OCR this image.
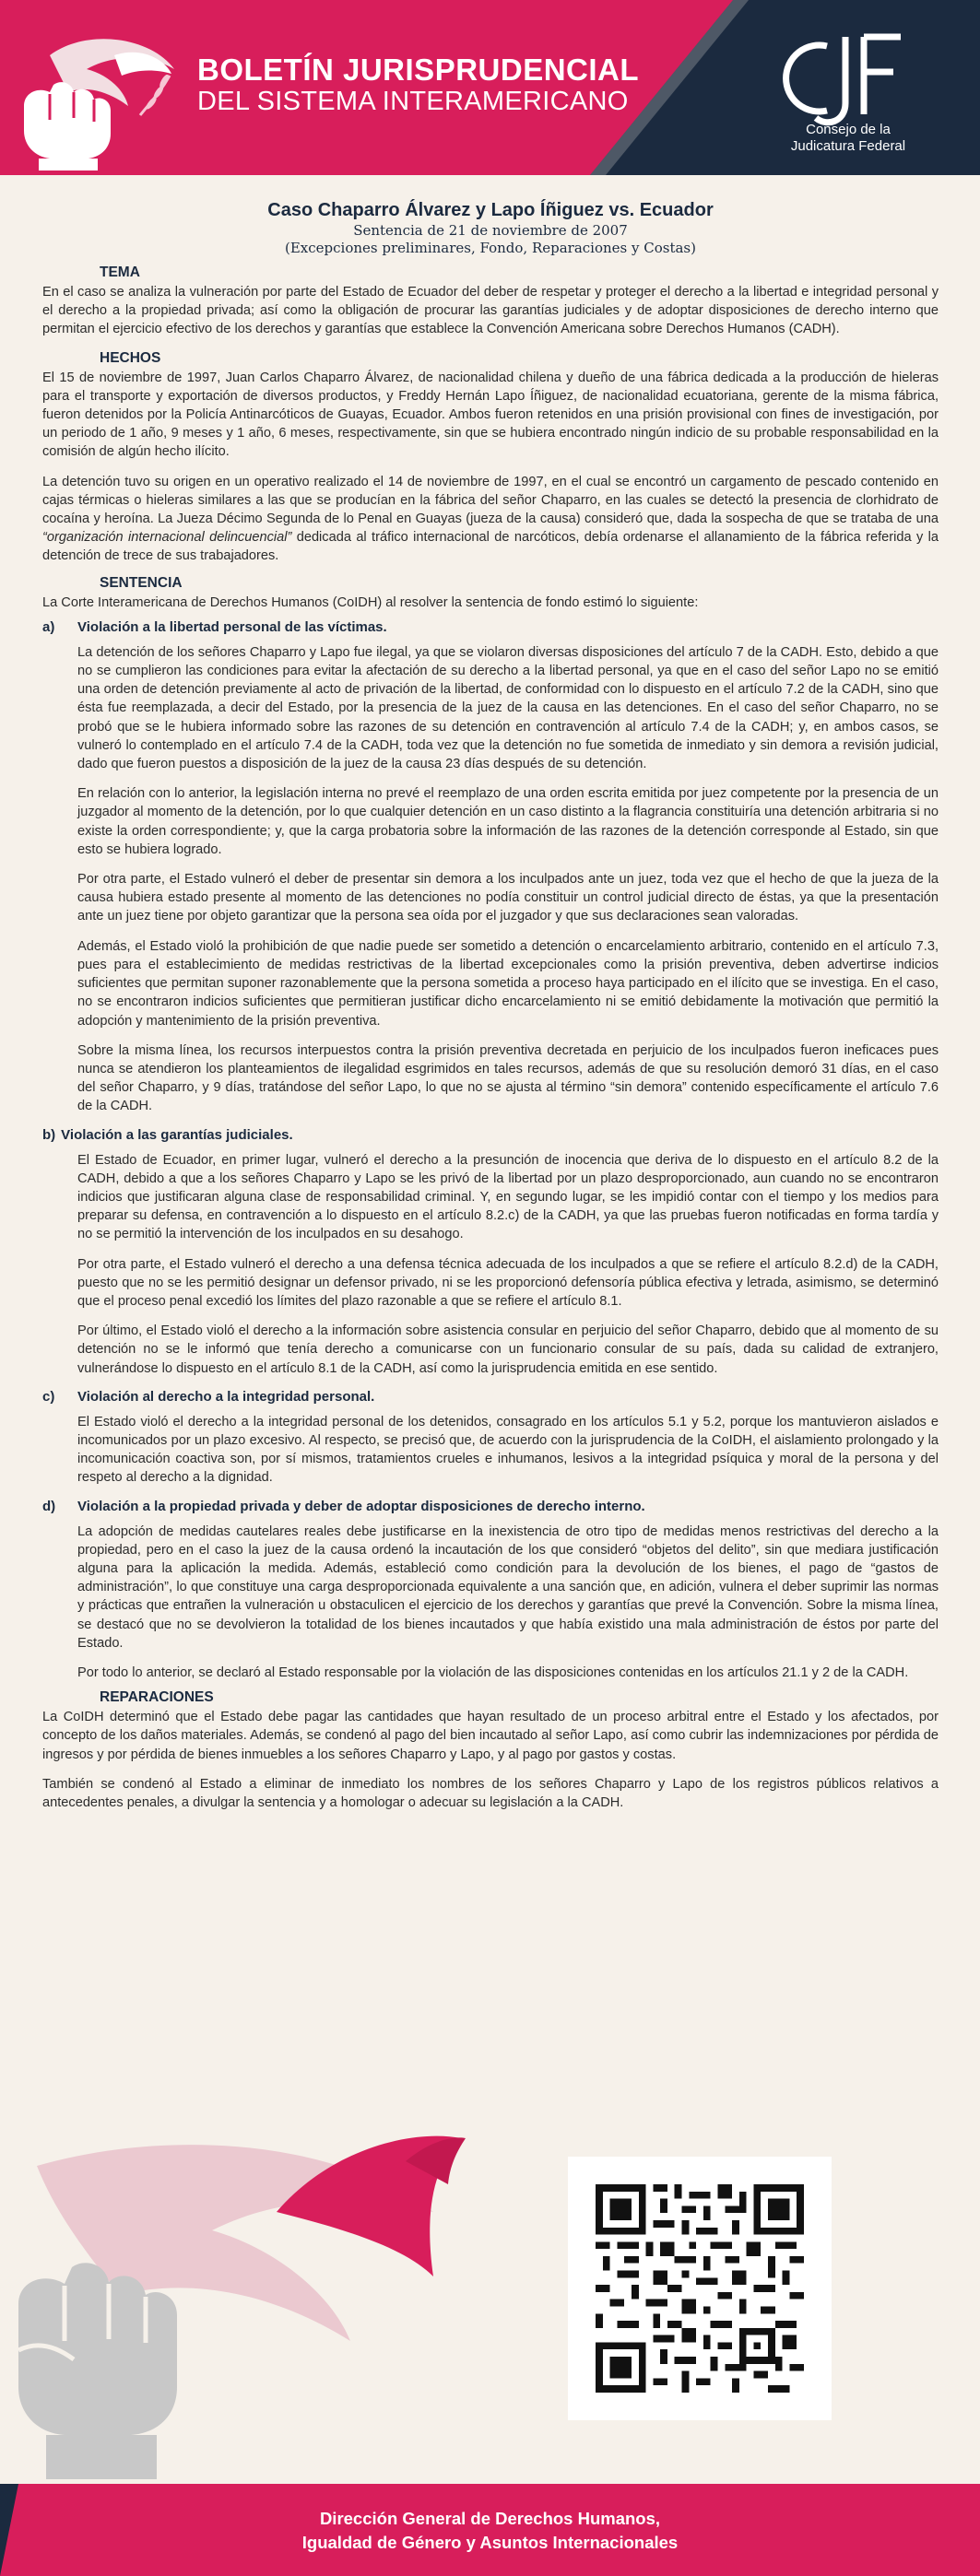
BOLETÍN JURISPRUDENCIAL
DEL SISTEMA INTERAMERICANO
Consejo de la
Judicatura Federal
Caso Chaparro Álvarez y Lapo Íñiguez vs. Ecuador
Sentencia de 21 de noviembre de 2007
(Excepciones preliminares, Fondo, Reparaciones y Costas)
TEMA

En el caso se analiza la vulneración por parte del Estado de Ecuador del deber de respetar y proteger el derecho a la libertad e integridad personal y el derecho a la propiedad privada; así como la obligación de procurar las garantías judiciales y de adoptar disposiciones de derecho interno que permitan el ejercicio efectivo de los derechos y garantías que establece la Convención Americana sobre Derechos Humanos (CADH).

HECHOS

El 15 de noviembre de 1997, Juan Carlos Chaparro Álvarez, de nacionalidad chilena y dueño de una fábrica dedicada a la producción de hieleras para el transporte y exportación de diversos productos, y Freddy Hernán Lapo Íñiguez, de nacionalidad ecuatoriana, gerente de la misma fábrica, fueron detenidos por la Policía Antinarcóticos de Guayas, Ecuador. Ambos fueron retenidos en una prisión provisional con fines de investigación, por un periodo de 1 año, 9 meses y 1 año, 6 meses, respectivamente, sin que se hubiera encontrado ningún indicio de su probable responsabilidad en la comisión de algún hecho ilícito.

La detención tuvo su origen en un operativo realizado el 14 de noviembre de 1997, en el cual se encontró un cargamento de pescado contenido en cajas térmicas o hieleras similares a las que se producían en la fábrica del señor Chaparro, en las cuales se detectó la presencia de clorhidrato de cocaína y heroína. La Jueza Décimo Segunda de lo Penal en Guayas (jueza de la causa) consideró que, dada la sospecha de que se trataba de una “organización internacional delincuencial” dedicada al tráfico internacional de narcóticos, debía ordenarse el allanamiento de la fábrica referida y la detención de trece de sus trabajadores.

SENTENCIA

La Corte Interamericana de Derechos Humanos (CoIDH) al resolver la sentencia de fondo estimó lo siguiente:

a)	Violación a la libertad personal de las víctimas.

La detención de los señores Chaparro y Lapo fue ilegal, ya que se violaron diversas disposiciones del artículo 7 de la CADH. Esto, debido a que no se cumplieron las condiciones para evitar la afectación de su derecho a la libertad personal, ya que en el caso del señor Lapo no se emitió una orden de detención previamente al acto de privación de la libertad, de conformidad con lo dispuesto en el artículo 7.2 de la CADH, sino que ésta fue reemplazada, a decir del Estado, por la presencia de la juez de la causa en las detenciones. En el caso del señor Chaparro, no se probó que se le hubiera informado sobre las razones de su detención en contravención al artículo 7.4 de la CADH; y, en ambos casos, se vulneró lo contemplado en el artículo 7.4 de la CADH, toda vez que la detención no fue sometida de inmediato y sin demora a revisión judicial, dado que fueron puestos a disposición de la juez de la causa 23 días después de su detención.

En relación con lo anterior, la legislación interna no prevé el reemplazo de una orden escrita emitida por juez competente por la presencia de un juzgador al momento de la detención, por lo que cualquier detención en un caso distinto a la flagrancia constituiría una detención arbitraria si no existe la orden correspondiente; y, que la carga probatoria sobre la información de las razones de la detención corresponde al Estado, sin que esto se hubiera logrado.

Por otra parte, el Estado vulneró el deber de presentar sin demora a los inculpados ante un juez, toda vez que el hecho de que la jueza de la causa hubiera estado presente al momento de las detenciones no podía constituir un control judicial directo de éstas, ya que la presentación ante un juez tiene por objeto garantizar que la persona sea oída por el juzgador y que sus declaraciones sean valoradas.

Además, el Estado violó la prohibición de que nadie puede ser sometido a detención o encarcelamiento arbitrario, contenido en el artículo 7.3, pues para el establecimiento de medidas restrictivas de la libertad excepcionales como la prisión preventiva, deben advertirse indicios suficientes que permitan suponer razonablemente que la persona sometida a proceso haya participado en el ilícito que se investiga. En el caso, no se encontraron indicios suficientes que permitieran justificar dicho encarcelamiento ni se emitió debidamente la motivación que permitió la adopción y mantenimiento de la prisión preventiva.

Sobre la misma línea, los recursos interpuestos contra la prisión preventiva decretada en perjuicio de los inculpados fueron ineficaces pues nunca se atendieron los planteamientos de ilegalidad esgrimidos en tales recursos, además de que su resolución demoró 31 días, en el caso del señor Chaparro, y 9 días, tratándose del señor Lapo, lo que no se ajusta al término “sin demora” contenido específicamente el artículo 7.6 de la CADH.

b) Violación a las garantías judiciales.

El Estado de Ecuador, en primer lugar, vulneró el derecho a la presunción de inocencia que deriva de lo dispuesto en el artículo 8.2 de la CADH, debido a que a los señores Chaparro y Lapo se les privó de la libertad por un plazo desproporcionado, aun cuando no se encontraron indicios que justificaran alguna clase de responsabilidad criminal. Y, en segundo lugar, se les impidió contar con el tiempo y los medios para preparar su defensa, en contravención a lo dispuesto en el artículo 8.2.c) de la CADH, ya que las pruebas fueron notificadas en forma tardía y no se permitió la intervención de los inculpados en su desahogo.

Por otra parte, el Estado vulneró el derecho a una defensa técnica adecuada de los inculpados a que se refiere el artículo 8.2.d) de la CADH, puesto que no se les permitió designar un defensor privado, ni se les proporcionó defensoría pública efectiva y letrada, asimismo, se determinó que el proceso penal excedió los límites del plazo razonable a que se refiere el artículo 8.1.

Por último, el Estado violó el derecho a la información sobre asistencia consular en perjuicio del señor Chaparro, debido que al momento de su detención no se le informó que tenía derecho a comunicarse con un funcionario consular de su país, dada su calidad de extranjero, vulnerándose lo dispuesto en el artículo 8.1 de la CADH, así como la jurisprudencia emitida en ese sentido.

c)	Violación al derecho a la integridad personal.

El Estado violó el derecho a la integridad personal de los detenidos, consagrado en los artículos 5.1 y 5.2, porque los mantuvieron aislados e incomunicados por un plazo excesivo. Al respecto, se precisó que, de acuerdo con la jurisprudencia de la CoIDH, el aislamiento prolongado y la incomunicación coactiva son, por sí mismos, tratamientos crueles e inhumanos, lesivos a la integridad psíquica y moral de la persona y del respeto al derecho a la dignidad.

d)	Violación a la propiedad privada y deber de adoptar disposiciones de derecho interno.

La adopción de medidas cautelares reales debe justificarse en la inexistencia de otro tipo de medidas menos restrictivas del derecho a la propiedad, pero en el caso la juez de la causa ordenó la incautación de los que consideró “objetos del delito”, sin que mediara justificación alguna para la aplicación la medida. Además, estableció como condición para la devolución de los bienes, el pago de “gastos de administración”, lo que constituye una carga desproporcionada equivalente a una sanción que, en adición, vulnera el deber suprimir las normas y prácticas que entrañen la vulneración u obstaculicen el ejercicio de los derechos y garantías que prevé la Convención. Sobre la misma línea, se destacó que no se devolvieron la totalidad de los bienes incautados y que había existido una mala administración de éstos por parte del Estado.

Por todo lo anterior, se declaró al Estado responsable por la violación de las disposiciones contenidas en los artículos 21.1 y 2 de la CADH.

REPARACIONES

La CoIDH determinó que el Estado debe pagar las cantidades que hayan resultado de un proceso arbitral entre el Estado y los afectados, por concepto de los daños materiales. Además, se condenó al pago del bien incautado al señor Lapo, así como cubrir las indemnizaciones por pérdida de ingresos y por pérdida de bienes inmuebles a los señores Chaparro y Lapo, y al pago por gastos y costas.

También se condenó al Estado a eliminar de inmediato los nombres de los señores Chaparro y Lapo de los registros públicos relativos a antecedentes penales, a divulgar la sentencia y a homologar o adecuar su legislación a la CADH.

Dirección General de Derechos Humanos,
Igualdad de Género y Asuntos Internacionales
